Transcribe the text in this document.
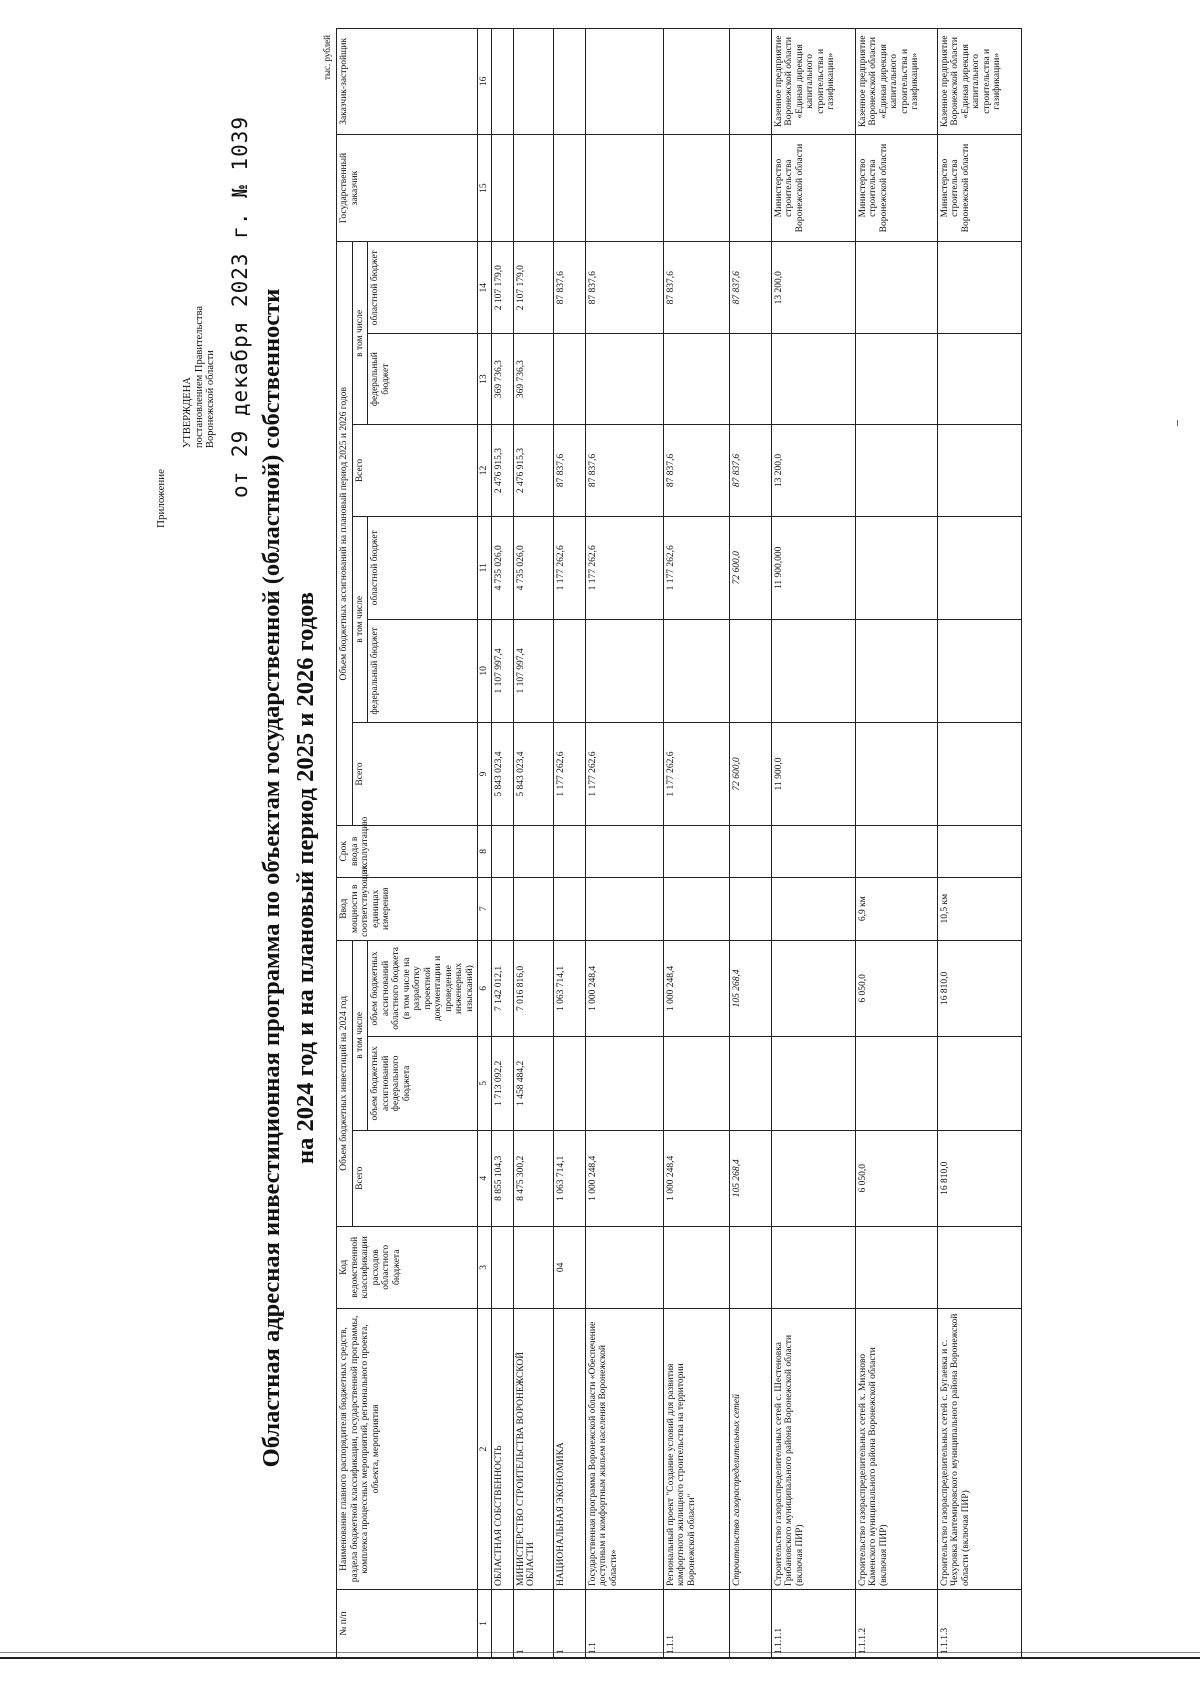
Приложение
УТВЕРЖДЕНА постановлением Правительства Воронежской области от 29 декабря 2023 г. № 1039 Областная адресная инвестиционная программа по объектам государственной (областной) собственности на 2024 год и на плановый период 2025 и 2026 годов
тыс. рублей
№ п/п	Наименование главного распорядителя бюджетных средств, раздела бюджетной классификации, государственной программы, комплекса процессных мероприятий, регионального проекта, объекта, мероприятия	Код ведомственной классификации расходов областного бюджета	Объем бюджетных инвестиций на 2024 год			Ввод мощности в соответствующих единицах измерения	Срок ввода в эксплуатацию	Объем бюджетных ассигнований на плановый период 2025 и 2026 годов						Государственный заказчик	Заказчик-застройщик
			Всего	в том числе				Всего	в том числе		Всего	в том числе			
				объем бюджетных ассигнований федерального бюджета	объем бюджетных ассигнований областного бюджета (в том числе на разработку проектной документации и проведение инженерных изысканий)				федеральный бюджет	областной бюджет		федеральный бюджет	областной бюджет		
1	2	3	4	5	6	7	8	9	10	11	12	13	14	15	16
	ОБЛАСТНАЯ СОБСТВЕННОСТЬ		8 855 104,3	1 713 092,2	7 142 012,1			5 843 023,4	1 107 997,4	4 735 026,0	2 476 915,3	369 736,3	2 107 179,0		
1	МИНИСТЕРСТВО СТРОИТЕЛЬСТВА ВОРОНЕЖСКОЙ ОБЛАСТИ		8 475 300,2	1 458 484,2	7 016 816,0			5 843 023,4	1 107 997,4	4 735 026,0	2 476 915,3	369 736,3	2 107 179,0		
1	НАЦИОНАЛЬНАЯ ЭКОНОМИКА	04	1 063 714,1		1 063 714,1			1 177 262,6		1 177 262,6	87 837,6		87 837,6		
1.1	Государственная программа Воронежской области «Обеспечение доступным и комфортным жильем населения Воронежской области»		1 000 248,4		1 000 248,4			1 177 262,6		1 177 262,6	87 837,6		87 837,6		
1.1.1	Региональный проект "Создание условий для развития комфортного жилищного строительства на территории Воронежской области"		1 000 248,4		1 000 248,4			1 177 262,6		1 177 262,6	87 837,6		87 837,6		
	Строительство газораспределительных сетей		105 268,4		105 268,4			72 600,0		72 600,0	87 837,6		87 837,6		
1.1.1.1	Строительство газораспределительных сетей с. Шестеновка Грибановского муниципального района Воронежской области (включая ПИР)							11 900,0		11 900,000	13 200,0		13 200,0	Министерство строительства Воронежской области	Казенное предприятие Воронежской области «Единая дирекция капитального строительства и газификации»
1.1.1.2	Строительство газораспределительных сетей х. Михново Каменского муниципального района Воронежской области (включая ПИР)		6 050,0		6 050,0	6,9 км								Министерство строительства Воронежской области	Казенное предприятие Воронежской области «Единая дирекция капитального строительства и газификации»
1.1.1.3	Строительство газораспределительных сетей с. Бугаевка и с. Чехуровка Кантемировского муниципального района Воронежской области (включая ПИР)		16 810,0		16 810,0	10,5 км								Министерство строительства Воронежской области	Казенное предприятие Воронежской области «Единая дирекция капитального строительства и газификации»
